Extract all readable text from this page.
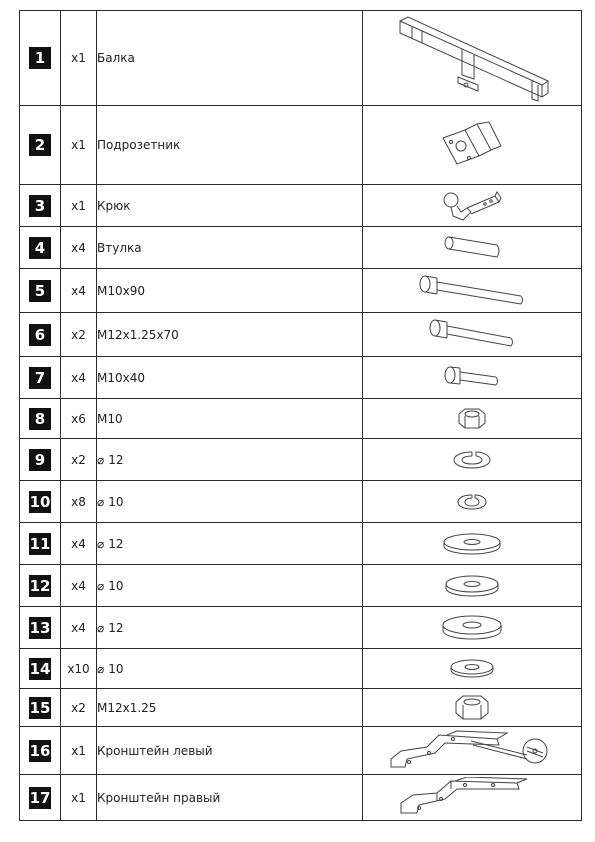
1	x1	Балка	

2	x1	Подрозетник	

3	x1	Крюк	

4	x4	Втулка	

5	x4	M10x90	

6	x2	M12x1.25x70	

7	x4	M10x40	

8	x6	M10	

9	x2	⌀ 12	

10	x8	⌀ 10	

11	x4	⌀ 12	

12	x4	⌀ 10	

13	x4	⌀ 12	

14	x10	⌀ 10	

15	x2	M12x1.25	

16	x1	Кронштейн левый	

17	x1	Кронштейн правый	
